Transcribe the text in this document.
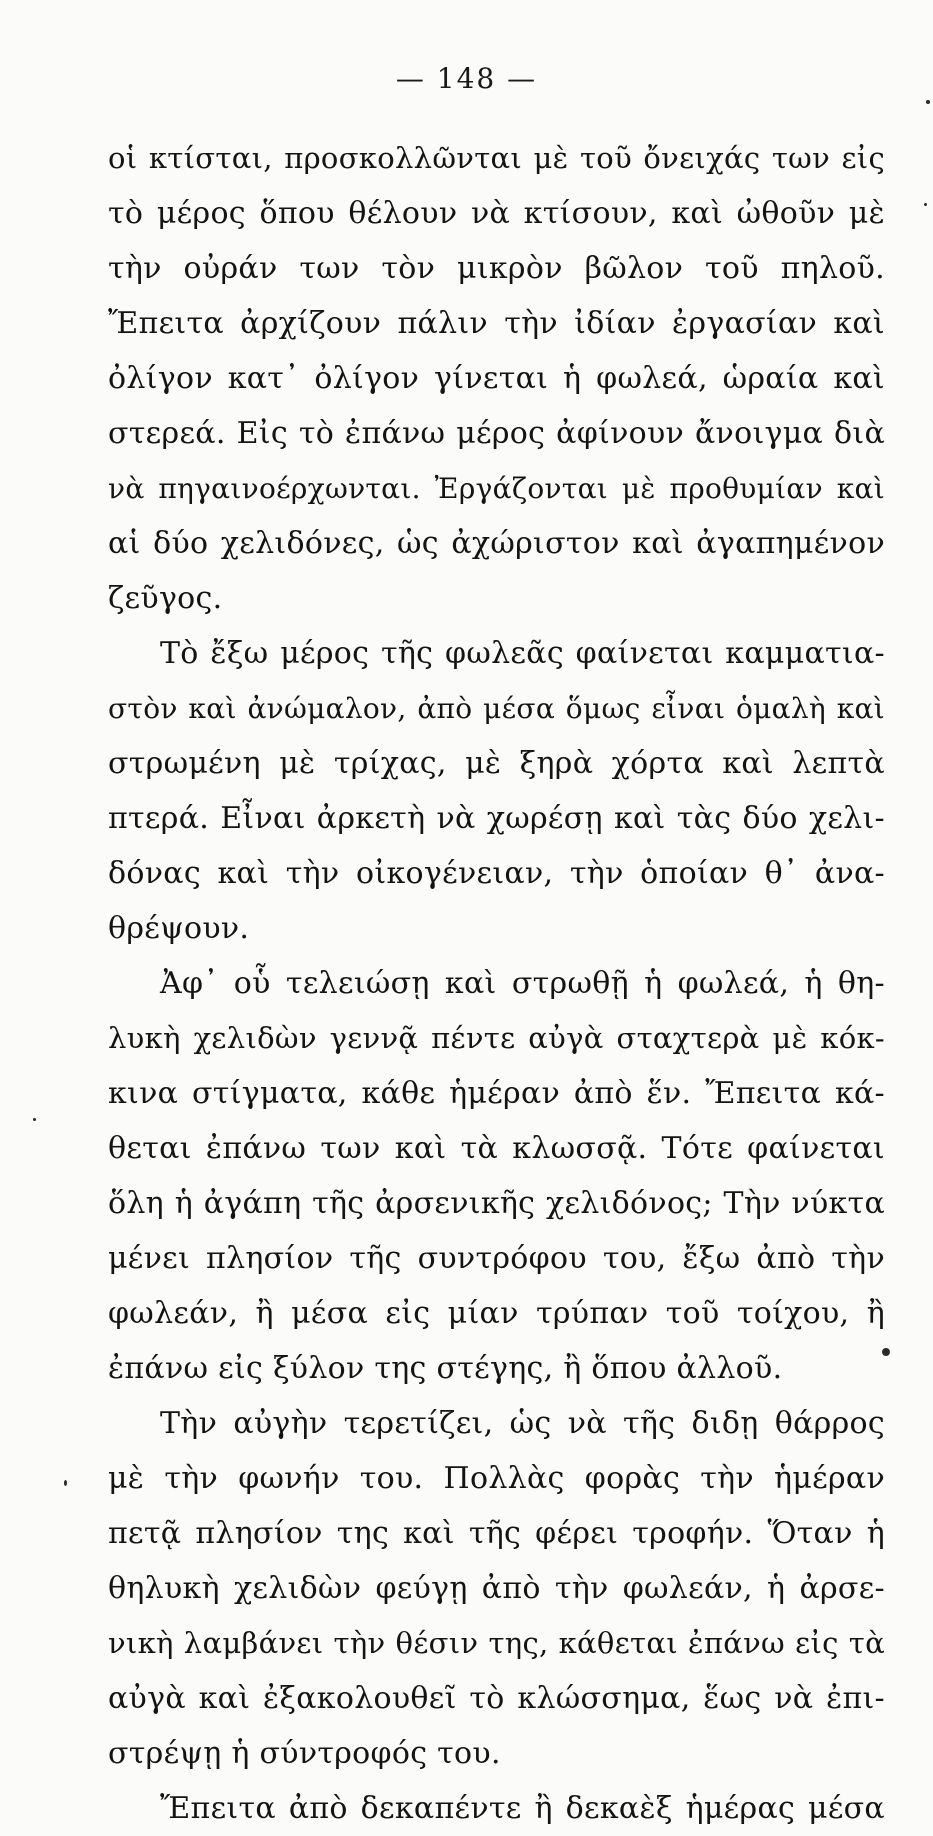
— 148 —
οἱ κτίσται, προσκολλῶνται μὲ τοῦ ὄνειχάς των εἰς
τὸ μέρος ὅπου θέλουν νὰ κτίσουν, καὶ ὠθοῦν μὲ
τὴν οὐράν των τὸν μικρὸν βῶλον τοῦ πηλοῦ.
Ἔπειτα ἀρχίζουν πάλιν τὴν ἰδίαν ἐργασίαν καὶ
ὀλίγον κατ᾿ ὀλίγον γίνεται ἡ φωλεά, ὡραία καὶ
στερεά. Εἰς τὸ ἐπάνω μέρος ἀφίνουν ἄνοιγμα διὰ
νὰ πηγαινοέρχωνται. Ἐργάζονται μὲ προθυμίαν καὶ
αἱ δύο χελιδόνες, ὡς ἀχώριστον καὶ ἀγαπημένον
ζεῦγος.
Τὸ ἔξω μέρος τῆς φωλεᾶς φαίνεται καμματια-
στὸν καὶ ἀνώμαλον, ἀπὸ μέσα ὅμως εἶναι ὁμαλὴ καὶ
στρωμένη μὲ τρίχας, μὲ ξηρὰ χόρτα καὶ λεπτὰ
πτερά. Εἶναι ἀρκετὴ νὰ χωρέσῃ καὶ τὰς δύο χελι-
δόνας καὶ τὴν οἰκογένειαν, τὴν ὁποίαν θ᾿ ἀνα-
θρέψουν.
Ἀφ᾿ οὗ τελειώσῃ καὶ στρωθῇ ἡ φωλεά, ἡ θη-
λυκὴ χελιδὼν γεννᾷ πέντε αὐγὰ σταχτερὰ μὲ κόκ-
κινα στίγματα, κάθε ἡμέραν ἀπὸ ἕν. Ἔπειτα κά-
θεται ἐπάνω των καὶ τὰ κλωσσᾷ. Τότε φαίνεται
ὅλη ἡ ἀγάπη τῆς ἀρσενικῆς χελιδόνος; Τὴν νύκτα
μένει πλησίον τῆς συντρόφου του, ἔξω ἀπὸ τὴν
φωλεάν, ἢ μέσα εἰς μίαν τρύπαν τοῦ τοίχου, ἢ
ἐπάνω εἰς ξύλον της στέγης, ἢ ὅπου ἀλλοῦ.
Τὴν αὐγὴν τερετίζει, ὡς νὰ τῆς διδῃ θάρρος
μὲ τὴν φωνήν του. Πολλὰς φορὰς τὴν ἡμέραν
πετᾷ πλησίον της καὶ τῆς φέρει τροφήν. Ὅταν ἡ
θηλυκὴ χελιδὼν φεύγῃ ἀπὸ τὴν φωλεάν, ἡ ἀρσε-
νικὴ λαμβάνει τὴν θέσιν της, κάθεται ἐπάνω εἰς τὰ
αὐγὰ καὶ ἐξακολουθεῖ τὸ κλώσσημα, ἕως νὰ ἐπι-
στρέψῃ ἡ σύντροφός του.
Ἔπειτα ἀπὸ δεκαπέντε ἢ δεκαὲξ ἡμέρας μέσα
